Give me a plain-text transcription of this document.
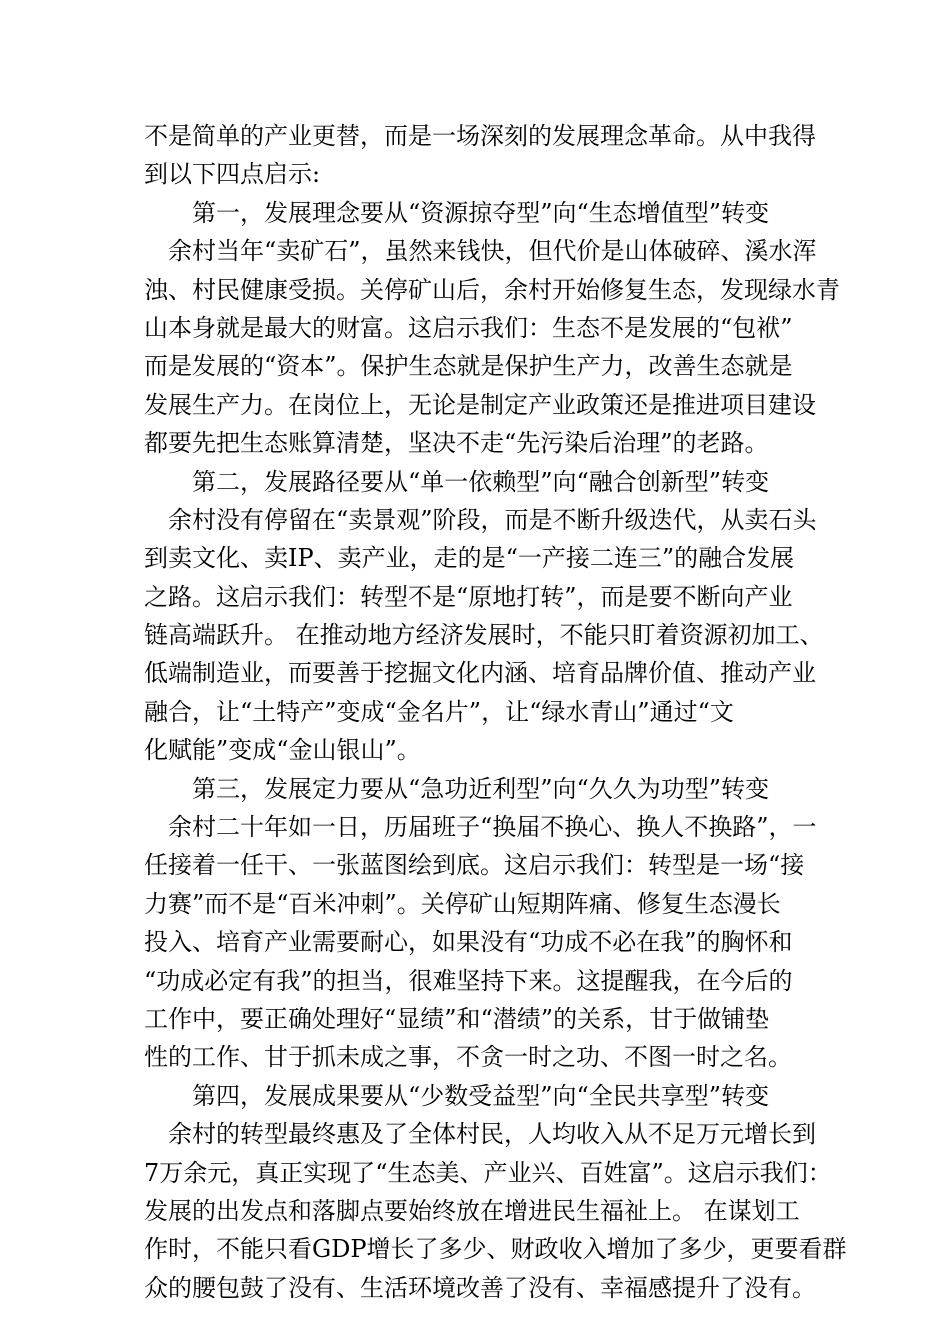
不是简单的产业更替，而是一场深刻的发展理念革命。从中我得
到以下四点启示:
　　第一，发展理念要从“资源掠夺型”向“生态增值型”转变
　余村当年“卖矿石”，虽然来钱快，但代价是山体破碎、溪水浑
浊、村民健康受损。关停矿山后，余村开始修复生态，发现绿水青
山本身就是最大的财富。这启示我们：生态不是发展的“包袱”
而是发展的“资本”。保护生态就是保护生产力，改善生态就是
发展生产力。在岗位上，无论是制定产业政策还是推进项目建设
都要先把生态账算清楚，坚决不走“先污染后治理”的老路。
　　第二，发展路径要从“单一依赖型”向“融合创新型”转变
　余村没有停留在“卖景观”阶段，而是不断升级迭代，从卖石头
到卖文化、卖IP、卖产业，走的是“一产接二连三”的融合发展
之路。这启示我们：转型不是“原地打转”，而是要不断向产业
链高端跃升。 在推动地方经济发展时，不能只盯着资源初加工、
低端制造业，而要善于挖掘文化内涵、培育品牌价值、推动产业
融合，让“土特产”变成“金名片”，让“绿水青山”通过“文
化赋能”变成“金山银山”。
　　第三，发展定力要从“急功近利型”向“久久为功型”转变
　余村二十年如一日，历届班子“换届不换心、换人不换路”，一
任接着一任干、一张蓝图绘到底。这启示我们：转型是一场“接
力赛”而不是“百米冲刺”。关停矿山短期阵痛、修复生态漫长
投入、培育产业需要耐心，如果没有“功成不必在我”的胸怀和
“功成必定有我”的担当，很难坚持下来。这提醒我，在今后的
工作中，要正确处理好“显绩”和“潜绩”的关系，甘于做铺垫
性的工作、甘于抓未成之事，不贪一时之功、不图一时之名。
　　第四，发展成果要从“少数受益型”向“全民共享型”转变
　余村的转型最终惠及了全体村民，人均收入从不足万元增长到
7万余元，真正实现了“生态美、产业兴、百姓富”。这启示我们：
发展的出发点和落脚点要始终放在增进民生福祉上。 在谋划工
作时，不能只看GDP增长了多少、财政收入增加了多少，更要看群
众的腰包鼓了没有、生活环境改善了没有、幸福感提升了没有。
